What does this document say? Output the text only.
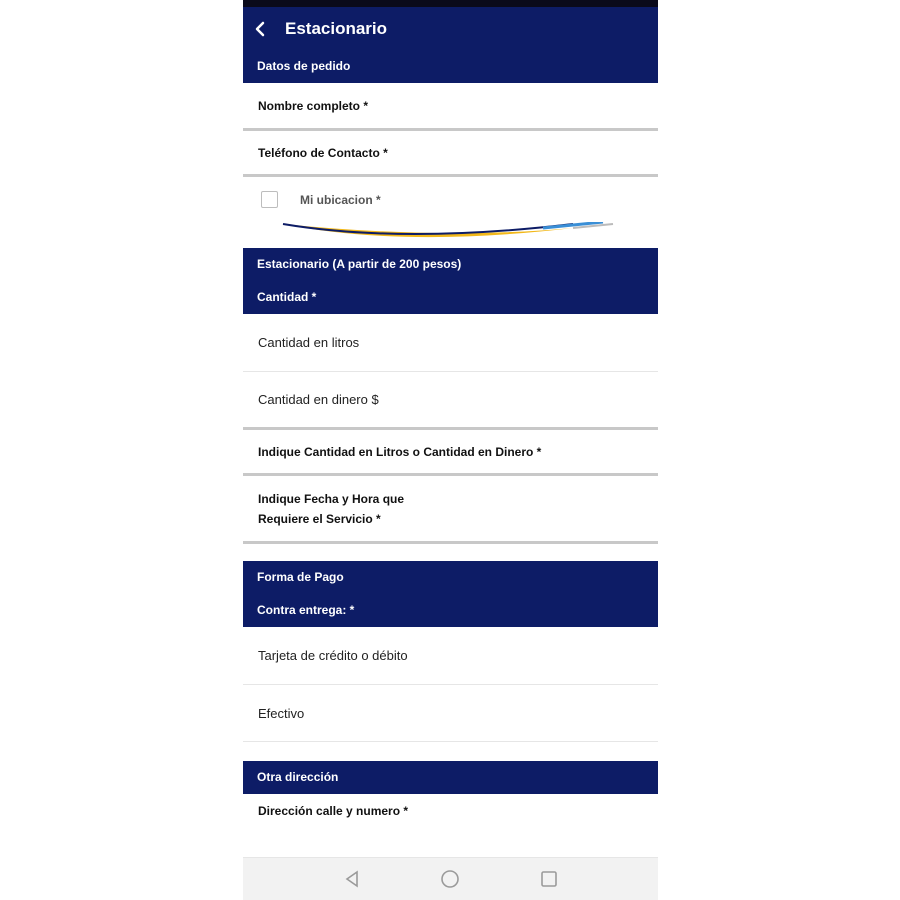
Estacionario
Datos de pedido
Nombre completo *
Teléfono de Contacto *
Mi ubicacion *
Estacionario (A partir de 200 pesos)
Cantidad *
Cantidad en litros
Cantidad en dinero $
Indique Cantidad en Litros o Cantidad en Dinero *
Indique Fecha y Hora que
Requiere el Servicio *
Forma de Pago
Contra entrega: *
Tarjeta de crédito o débito
Efectivo
Otra dirección
Dirección calle y numero *
